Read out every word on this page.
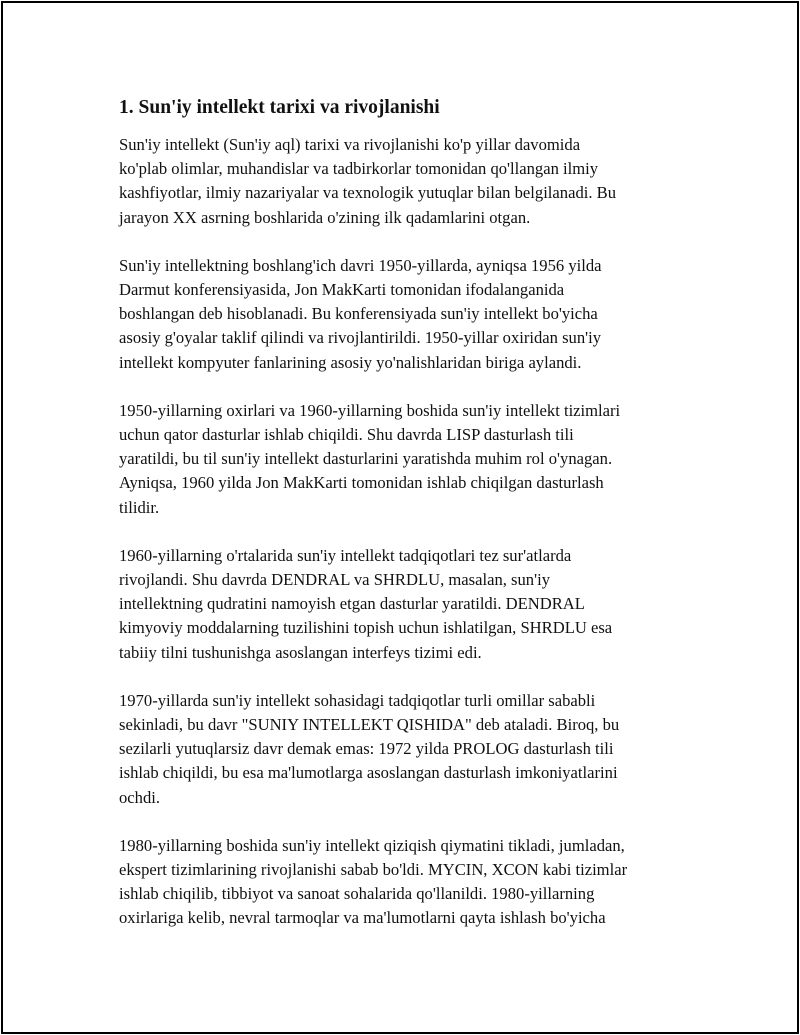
1. Sun'iy intellekt tarixi va rivojlanishi

Sun'iy intellekt (Sun'iy aql) tarixi va rivojlanishi ko'p yillar davomida
ko'plab olimlar, muhandislar va tadbirkorlar tomonidan qo'llangan ilmiy
kashfiyotlar, ilmiy nazariyalar va texnologik yutuqlar bilan belgilanadi. Bu
jarayon XX asrning boshlarida o'zining ilk qadamlarini otgan.

Sun'iy intellektning boshlang'ich davri 1950-yillarda, ayniqsa 1956 yilda
Darmut konferensiyasida, Jon MakKarti tomonidan ifodalanganida
boshlangan deb hisoblanadi. Bu konferensiyada sun'iy intellekt bo'yicha
asosiy g'oyalar taklif qilindi va rivojlantirildi. 1950-yillar oxiridan sun'iy
intellekt kompyuter fanlarining asosiy yo'nalishlaridan biriga aylandi.

1950-yillarning oxirlari va 1960-yillarning boshida sun'iy intellekt tizimlari
uchun qator dasturlar ishlab chiqildi. Shu davrda LISP dasturlash tili
yaratildi, bu til sun'iy intellekt dasturlarini yaratishda muhim rol o'ynagan.
Ayniqsa, 1960 yilda Jon MakKarti tomonidan ishlab chiqilgan dasturlash
tilidir.

1960-yillarning o'rtalarida sun'iy intellekt tadqiqotlari tez sur'atlarda
rivojlandi. Shu davrda DENDRAL va SHRDLU, masalan, sun'iy
intellektning qudratini namoyish etgan dasturlar yaratildi. DENDRAL
kimyoviy moddalarning tuzilishini topish uchun ishlatilgan, SHRDLU esa
tabiiy tilni tushunishga asoslangan interfeys tizimi edi.

1970-yillarda sun'iy intellekt sohasidagi tadqiqotlar turli omillar sababli
sekinladi, bu davr "SUNIY INTELLEKT QISHIDA" deb ataladi. Biroq, bu
sezilarli yutuqlarsiz davr demak emas: 1972 yilda PROLOG dasturlash tili
ishlab chiqildi, bu esa ma'lumotlarga asoslangan dasturlash imkoniyatlarini
ochdi.

1980-yillarning boshida sun'iy intellekt qiziqish qiymatini tikladi, jumladan,
ekspert tizimlarining rivojlanishi sabab bo'ldi. MYCIN, XCON kabi tizimlar
ishlab chiqilib, tibbiyot va sanoat sohalarida qo'llanildi. 1980-yillarning
oxirlariga kelib, nevral tarmoqlar va ma'lumotlarni qayta ishlash bo'yicha
